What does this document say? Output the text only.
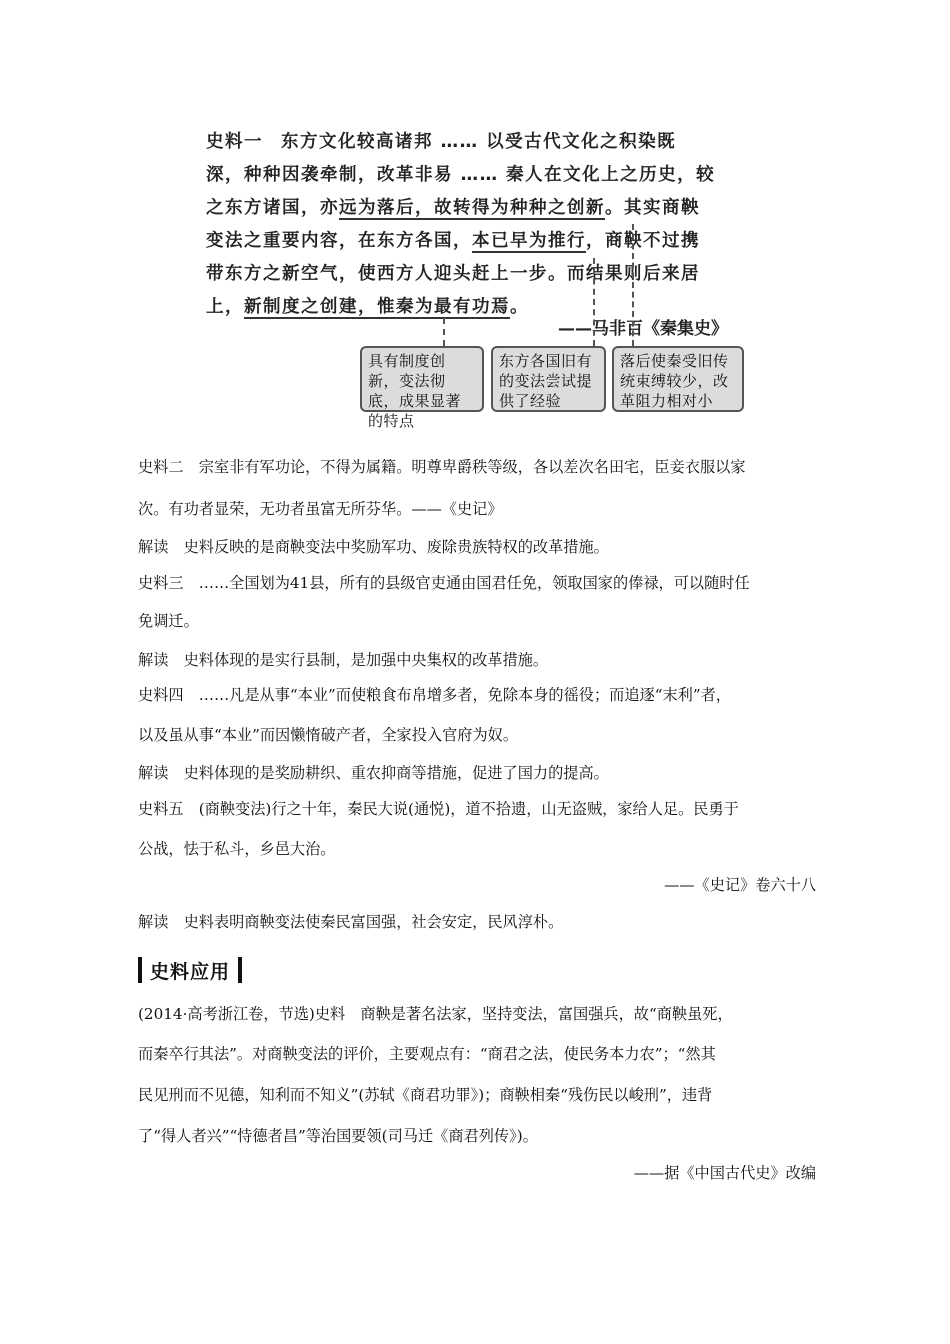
史料一 东方文化较高诸邦 …… 以受古代文化之积染既
深，种种因袭牵制，改革非易 …… 秦人在文化上之历史，较
之东方诸国，亦远为落后，故转得为种种之创新。其实商鞅
变法之重要内容，在东方各国，本已早为推行，商鞅不过携
带东方之新空气，使西方人迎头赶上一步。而结果则后来居
上，新制度之创建，惟秦为最有功焉。
——马非百《秦集史》
具有制度创新，变法彻底，成果显著的特点
东方各国旧有的变法尝试提供了经验
落后使秦受旧传统束缚较少，改革阻力相对小
史料二　宗室非有军功论，不得为属籍。明尊卑爵秩等级，各以差次名田宅，臣妾衣服以家
次。有功者显荣，无功者虽富无所芬华。——《史记》
解读　史料反映的是商鞅变法中奖励军功、废除贵族特权的改革措施。
史料三　……全国划为41县，所有的县级官吏通由国君任免，领取国家的俸禄，可以随时任
免调迁。
解读　史料体现的是实行县制，是加强中央集权的改革措施。
史料四　……凡是从事“本业”而使粮食布帛增多者，免除本身的徭役；而追逐“末利”者，
以及虽从事“本业”而因懒惰破产者，全家投入官府为奴。
解读　史料体现的是奖励耕织、重农抑商等措施，促进了国力的提高。
史料五　(商鞅变法)行之十年，秦民大说(通悦)，道不拾遗，山无盗贼，家给人足。民勇于
公战，怯于私斗，乡邑大治。
——《史记》卷六十八
解读　史料表明商鞅变法使秦民富国强，社会安定，民风淳朴。
史料应用
(2014·高考浙江卷，节选)史料　商鞅是著名法家，坚持变法，富国强兵，故“商鞅虽死，
而秦卒行其法”。对商鞅变法的评价，主要观点有：“商君之法，使民务本力农”；“然其
民见刑而不见德，知利而不知义”(苏轼《商君功罪》)；商鞅相秦“残伤民以峻刑”，违背
了“得人者兴”“恃德者昌”等治国要领(司马迁《商君列传》)。
——据《中国古代史》改编
